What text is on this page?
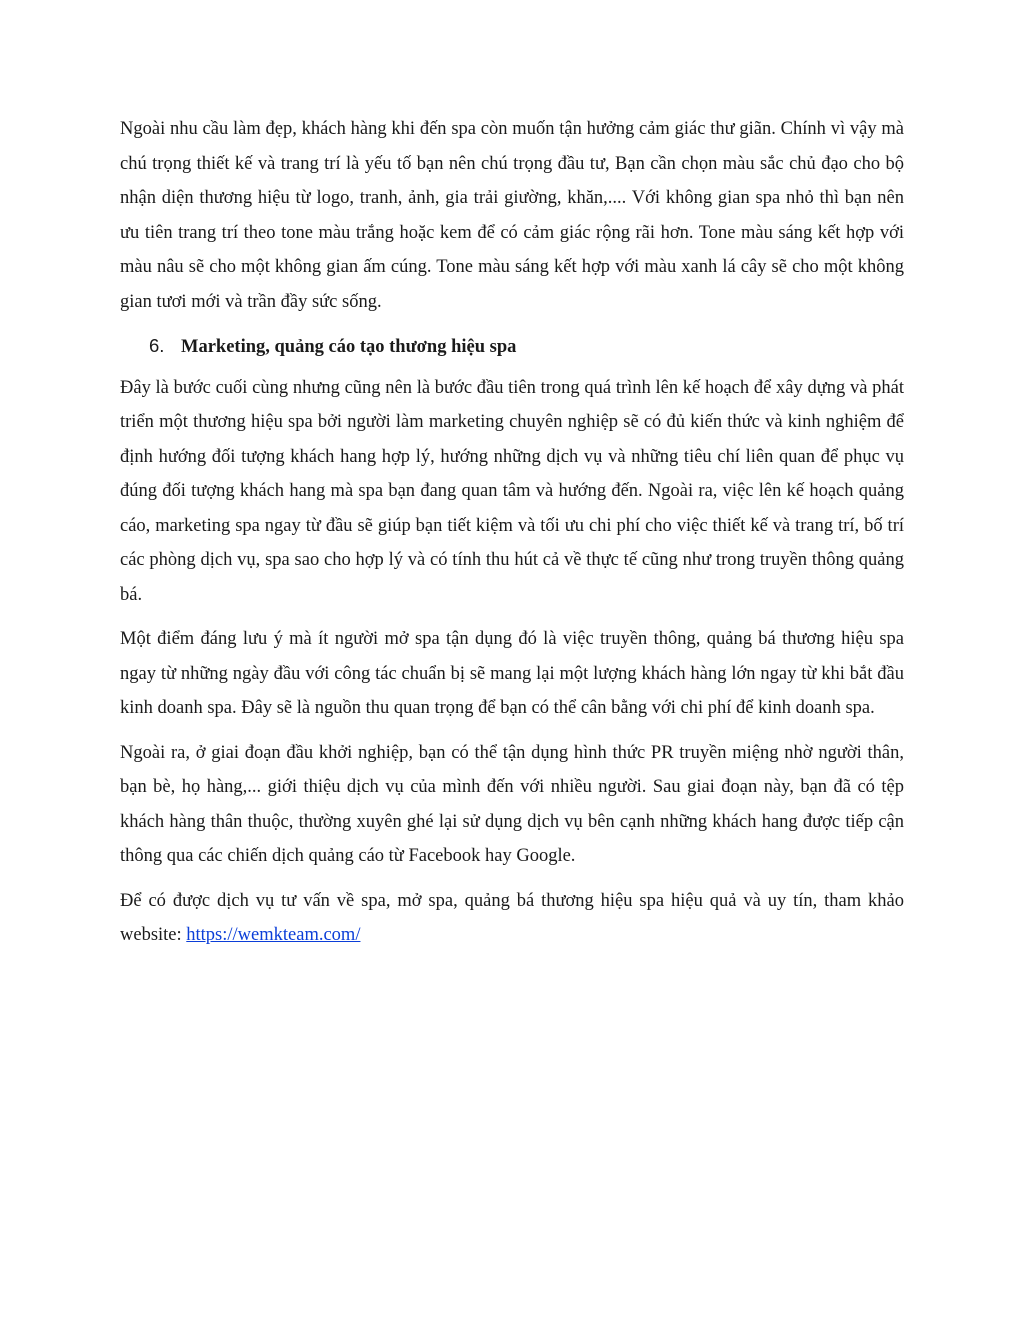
Ngoài nhu cầu làm đẹp, khách hàng khi đến spa còn muốn tận hưởng cảm giác thư giãn. Chính vì vậy mà chú trọng thiết kế và trang trí là yếu tố bạn nên chú trọng đầu tư, Bạn cần chọn màu sắc chủ đạo cho bộ nhận diện thương hiệu từ logo, tranh, ảnh, gia trải giường, khăn,.... Với không gian spa nhỏ thì bạn nên ưu tiên trang trí theo tone màu trắng hoặc kem để có cảm giác rộng rãi hơn. Tone màu sáng kết hợp với màu nâu sẽ cho một không gian ấm cúng. Tone màu sáng kết hợp với màu xanh lá cây sẽ cho một không gian tươi mới và trần đầy sức sống.

6. Marketing, quảng cáo tạo thương hiệu spa

Đây là bước cuối cùng nhưng cũng nên là bước đầu tiên trong quá trình lên kế hoạch để xây dựng và phát triển một thương hiệu spa bởi người làm marketing chuyên nghiệp sẽ có đủ kiến thức và kinh nghiệm để định hướng đối tượng khách hang hợp lý, hướng những dịch vụ và những tiêu chí liên quan để phục vụ đúng đối tượng khách hang mà spa bạn đang quan tâm và hướng đến. Ngoài ra, việc lên kế hoạch quảng cáo, marketing spa ngay từ đầu sẽ giúp bạn tiết kiệm và tối ưu chi phí cho việc thiết kế và trang trí, bố trí các phòng dịch vụ, spa sao cho hợp lý và có tính thu hút cả về thực tế cũng như trong truyền thông quảng bá.

Một điểm đáng lưu ý mà ít người mở spa tận dụng đó là việc truyền thông, quảng bá thương hiệu spa ngay từ những ngày đầu với công tác chuẩn bị sẽ mang lại một lượng khách hàng lớn ngay từ khi bắt đầu kinh doanh spa. Đây sẽ là nguồn thu quan trọng để bạn có thể cân bằng với chi phí để kinh doanh spa.

Ngoài ra, ở giai đoạn đầu khởi nghiệp, bạn có thể tận dụng hình thức PR truyền miệng nhờ người thân, bạn bè, họ hàng,... giới thiệu dịch vụ của mình đến với nhiều người. Sau giai đoạn này, bạn đã có tệp khách hàng thân thuộc, thường xuyên ghé lại sử dụng dịch vụ bên cạnh những khách hang được tiếp cận thông qua các chiến dịch quảng cáo từ Facebook hay Google.

Để có được dịch vụ tư vấn về spa, mở spa, quảng bá thương hiệu spa hiệu quả và uy tín, tham khảo website: https://wemkteam.com/
